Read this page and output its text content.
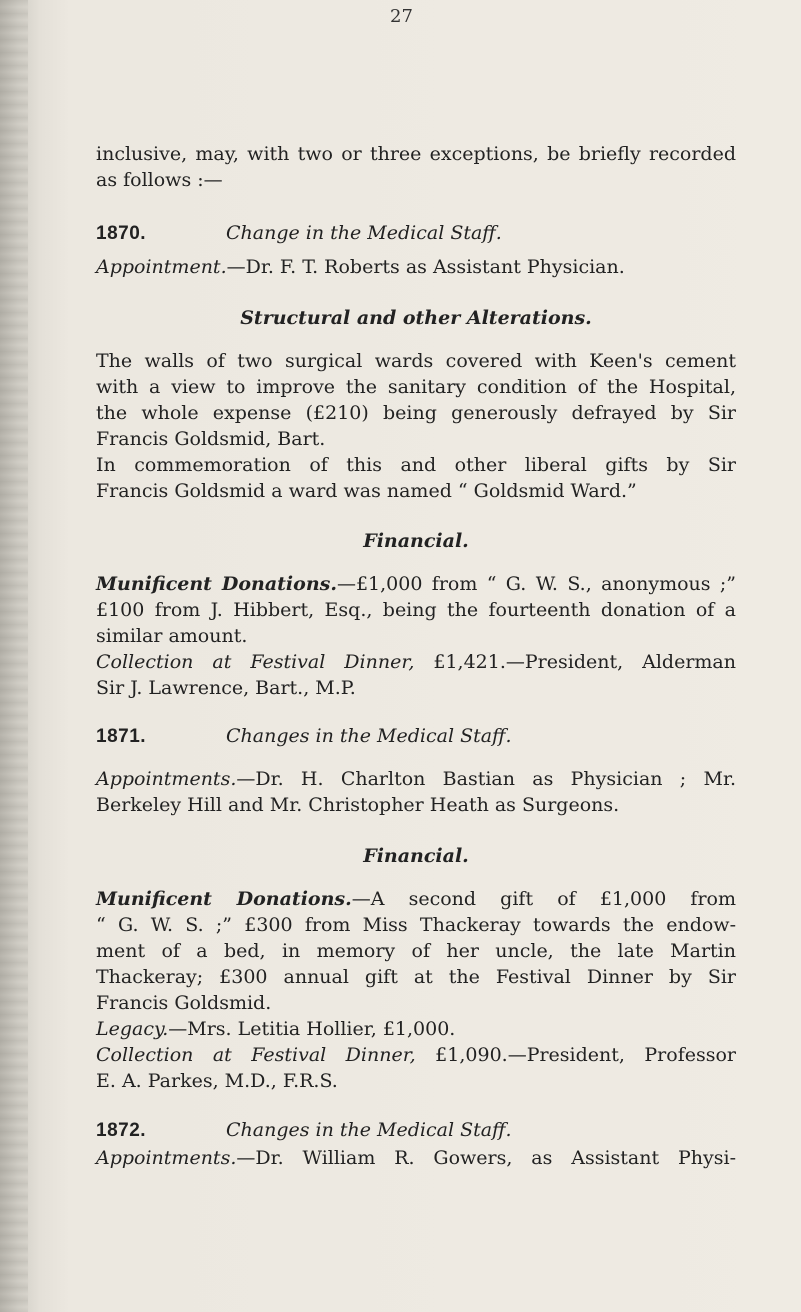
27

inclusive, may, with two or three exceptions, be briefly recorded

as follows :—

1870.	Change in the Medical Staff.

Appointment.—Dr. F. T. Roberts as Assistant Physician.

Structural and other Alterations.

The walls of two surgical wards covered with Keen's cement

with a view to improve the sanitary condition of the Hospital,

the whole expense (£210) being generously defrayed by Sir

Francis Goldsmid, Bart.

In commemoration of this and other liberal gifts by Sir

Francis Goldsmid a ward was named “ Goldsmid Ward.”

Financial.

Munificent Donations.—£1,000 from “ G. W. S., anonymous ;”

£100 from J. Hibbert, Esq., being the fourteenth donation of a

similar amount.

Collection at Festival Dinner, £1,421.—President, Alderman

Sir J. Lawrence, Bart., M.P.

1871.	Changes in the Medical Staff.

Appointments.—Dr. H. Charlton Bastian as Physician ; Mr.

Berkeley Hill and Mr. Christopher Heath as Surgeons.

Financial.

Munificent Donations.—A second gift of £1,000 from

“ G. W. S. ;” £300 from Miss Thackeray towards the endow-

ment of a bed, in memory of her uncle, the late Martin

Thackeray; £300 annual gift at the Festival Dinner by Sir

Francis Goldsmid.

Legacy.—Mrs. Letitia Hollier, £1,000.

Collection at Festival Dinner, £1,090.—President, Professor

E. A. Parkes, M.D., F.R.S.

1872.	Changes in the Medical Staff.

Appointments.—Dr. William R. Gowers, as Assistant Physi-
